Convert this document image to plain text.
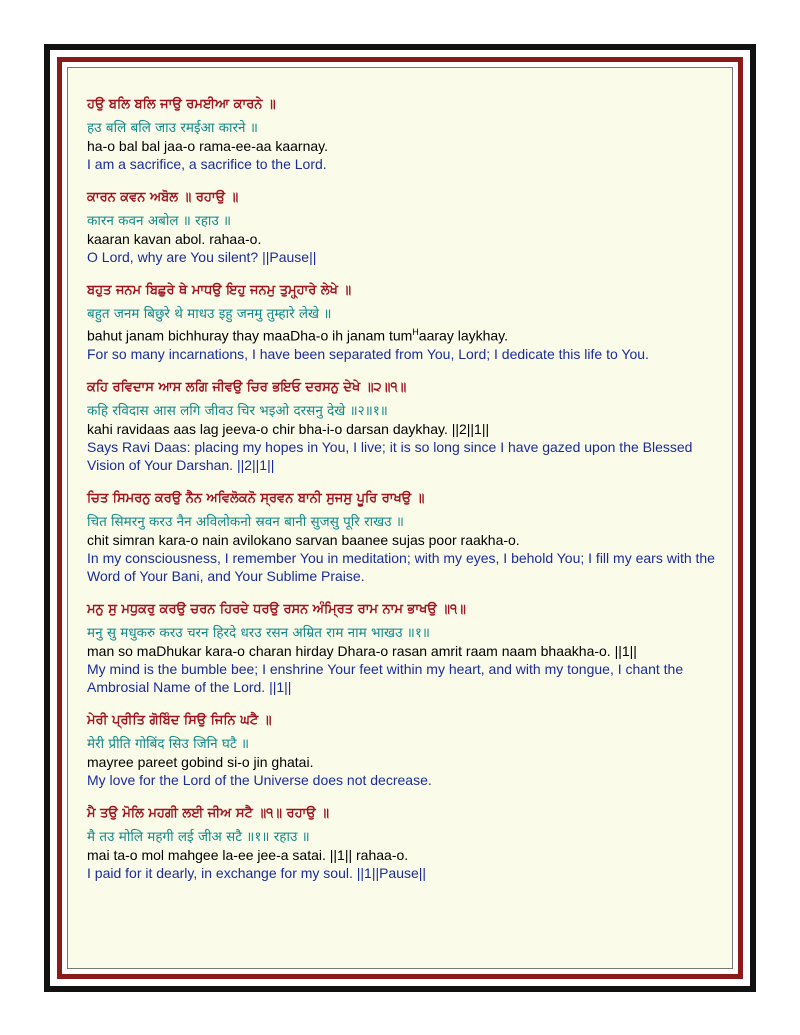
ਹਉ ਬਲਿ ਬਲਿ ਜਾਉ ਰਮਈਆ ਕਾਰਨੇ ॥
हउ बलि बलि जाउ रमईआ कारने ॥
ha-o bal bal jaa-o rama-ee-aa kaarnay.
I am a sacrifice, a sacrifice to the Lord.
ਕਾਰਨ ਕਵਨ ਅਬੋਲ ॥ ਰਹਾਉ ॥
कारन कवन अबोल ॥ रहाउ ॥
kaaran kavan abol. rahaa-o.
O Lord, why are You silent? ||Pause||
ਬਹੁਤ ਜਨਮ ਬਿਛੁਰੇ ਥੇ ਮਾਧਉ ਇਹੁ ਜਨਮੁ ਤੁਮ੍ਹ੍ਹਾਰੇ ਲੇਖੇ ॥
बहुत जनम बिछुरे थे माधउ इहु जनमु तुम्हारे लेखे ॥
bahut janam bichhuray thay maaDha-o ih janam tum$^H$aaray laykhay.
For so many incarnations, I have been separated from You, Lord; I dedicate this life to You.
ਕਹਿ ਰਵਿਦਾਸ ਆਸ ਲਗਿ ਜੀਵਉ ਚਿਰ ਭਇਓ ਦਰਸਨੁ ਦੇਖੇ ॥੨॥੧॥
कहि रविदास आस लगि जीवउ चिर भइओ दरसनु देखे ॥२॥१॥
kahi ravidaas aas lag jeeva-o chir bha-i-o darsan daykhay. ||2||1||
Says Ravi Daas: placing my hopes in You, I live; it is so long since I have gazed upon the Blessed Vision of Your Darshan. ||2||1||
ਚਿਤ ਸਿਮਰਨੁ ਕਰਉ ਨੈਨ ਅਵਿਲੋਕਨੋ ਸ੍ਰਵਨ ਬਾਨੀ ਸੁਜਸੁ ਪੂਰਿ ਰਾਖਉ ॥
चित सिमरनु करउ नैन अविलोकनो स्रवन बानी सुजसु पूरि राखउ ॥
chit simran kara-o nain avilokano sarvan baanee sujas poor raakha-o.
In my consciousness, I remember You in meditation; with my eyes, I behold You; I fill my ears with the Word of Your Bani, and Your Sublime Praise.
ਮਨੁ ਸੁ ਮਧੁਕਰੁ ਕਰਉ ਚਰਨ ਹਿਰਦੇ ਧਰਉ ਰਸਨ ਅੰਮ੍ਰਿਤ ਰਾਮ ਨਾਮ ਭਾਖਉ ॥੧॥
मनु सु मधुकरु करउ चरन हिरदे धरउ रसन अम्रित राम नाम भाखउ ॥१॥
man so maDhukar kara-o charan hirday Dhara-o rasan amrit raam naam bhaakha-o. ||1||
My mind is the bumble bee; I enshrine Your feet within my heart, and with my tongue, I chant the Ambrosial Name of the Lord. ||1||
ਮੇਰੀ ਪ੍ਰੀਤਿ ਗੋਬਿੰਦ ਸਿਉ ਜਿਨਿ ਘਟੈ ॥
मेरी प्रीति गोबिंद सिउ जिनि घटै ॥
mayree pareet gobind si-o jin ghatai.
My love for the Lord of the Universe does not decrease.
ਮੈ ਤਉ ਮੋਲਿ ਮਹਗੀ ਲਈ ਜੀਅ ਸਟੈ ॥੧॥ ਰਹਾਉ ॥
मै तउ मोलि महगी लई जीअ सटै ॥१॥ रहाउ ॥
mai ta-o mol mahgee la-ee jee-a satai. ||1|| rahaa-o.
I paid for it dearly, in exchange for my soul. ||1||Pause||
